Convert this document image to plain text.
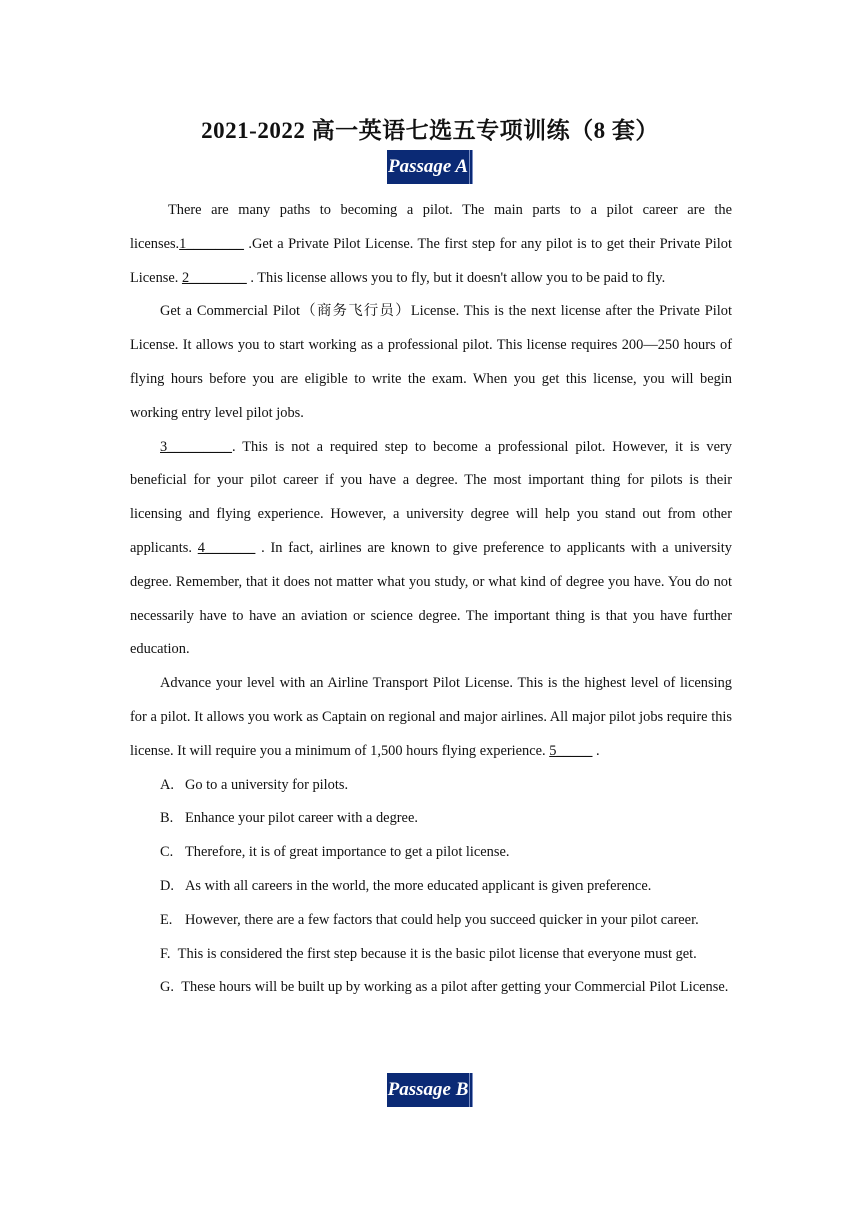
2021-2022 高一英语七选五专项训练（8 套）
Passage A

There are many paths to becoming a pilot. The main parts to a pilot career are the licenses.1________ .Get a Private Pilot License. The first step for any pilot is to get their Private Pilot License. 2________ . This license allows you to fly, but it doesn't allow you to be paid to fly.

Get a Commercial Pilot（商务飞行员）License. This is the next license after the Private Pilot License. It allows you to start working as a professional pilot. This license requires 200—250 hours of flying hours before you are eligible to write the exam. When you get this license, you will begin working entry level pilot jobs.

3_________. This is not a required step to become a professional pilot. However, it is very beneficial for your pilot career if you have a degree. The most important thing for pilots is their licensing and flying experience. However, a university degree will help you stand out from other applicants. 4_______ . In fact, airlines are known to give preference to applicants with a university degree. Remember, that it does not matter what you study, or what kind of degree you have. You do not necessarily have to have an aviation or science degree. The important thing is that you have further education.

Advance your level with an Airline Transport Pilot License. This is the highest level of licensing for a pilot. It allows you work as Captain on regional and major airlines. All major pilot jobs require this license. It will require you a minimum of 1,500 hours flying experience. 5_____ .

A. Go to a university for pilots.

B. Enhance your pilot career with a degree.

C. Therefore, it is of great importance to get a pilot license.

D. As with all careers in the world, the more educated applicant is given preference.

E. However, there are a few factors that could help you succeed quicker in your pilot career.

F. This is considered the first step because it is the basic pilot license that everyone must get.

G. These hours will be built up by working as a pilot after getting your Commercial Pilot License.

Passage B
